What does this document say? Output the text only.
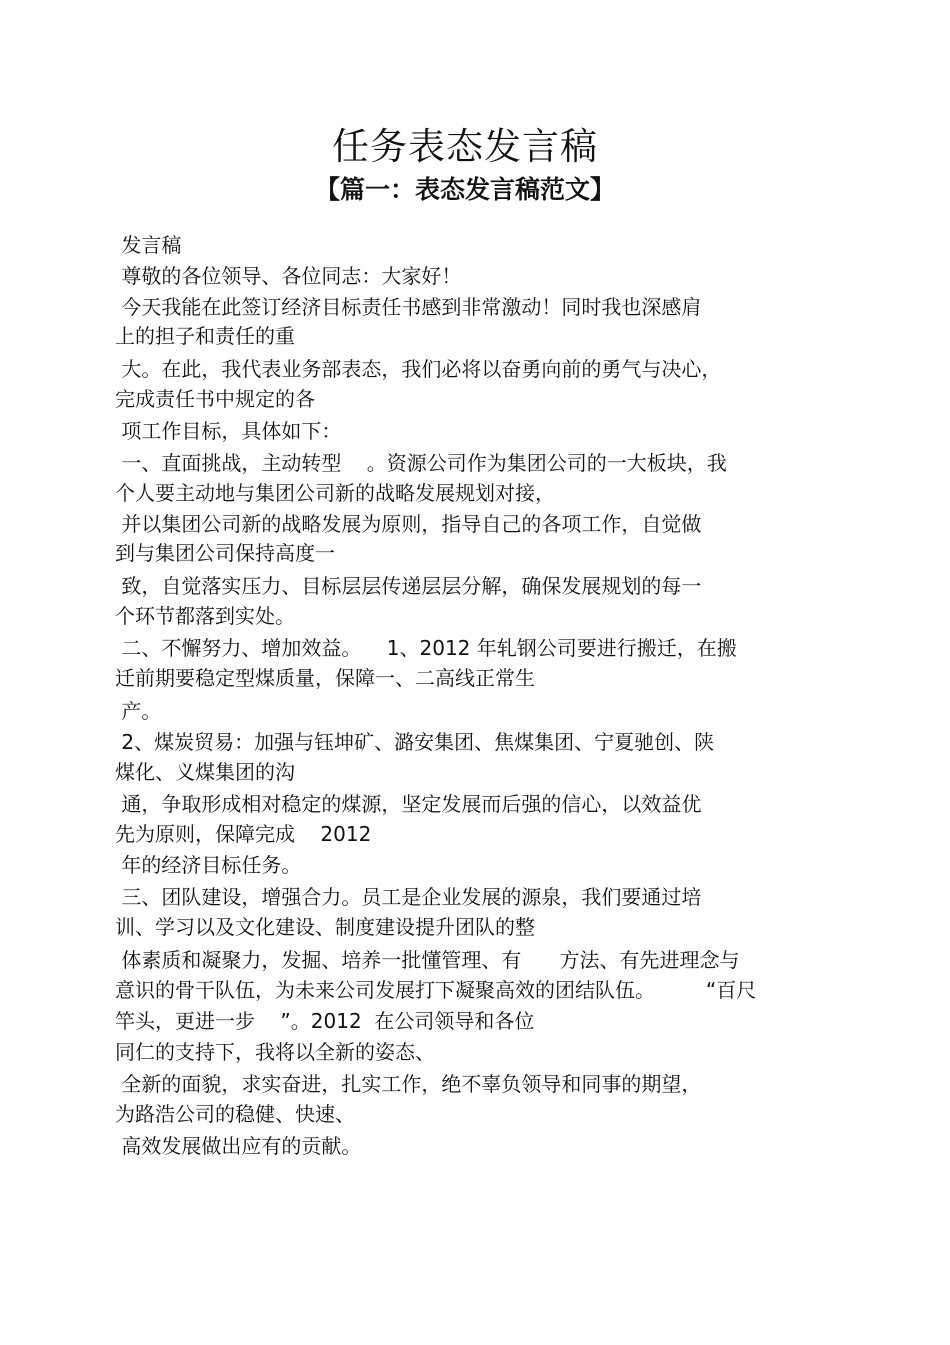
任务表态发言稿
【篇一：表态发言稿范文】
发言稿
尊敬的各位领导、各位同志：大家好！
今天我能在此签订经济目标责任书感到非常激动！同时我也深感肩
上的担子和责任的重
大。在此，我代表业务部表态，我们必将以奋勇向前的勇气与决心，
完成责任书中规定的各
项工作目标，具体如下：
一、直面挑战，主动转型    。资源公司作为集团公司的一大板块，我
个人要主动地与集团公司新的战略发展规划对接，
并以集团公司新的战略发展为原则，指导自己的各项工作，自觉做
到与集团公司保持高度一
致，自觉落实压力、目标层层传递层层分解，确保发展规划的每一
个环节都落到实处。
二、不懈努力、增加效益。    1、2012 年轧钢公司要进行搬迁，在搬
迁前期要稳定型煤质量，保障一、二高线正常生
产。
2、煤炭贸易：加强与钰坤矿、潞安集团、焦煤集团、宁夏驰创、陕
煤化、义煤集团的沟
通，争取形成相对稳定的煤源，坚定发展而后强的信心，以效益优
先为原则，保障完成    2012
年的经济目标任务。
三、团队建设，增强合力。员工是企业发展的源泉，我们要通过培
训、学习以及文化建设、制度建设提升团队的整
体素质和凝聚力，发掘、培养一批懂管理、有      方法、有先进理念与
意识的骨干队伍，为未来公司发展打下凝聚高效的团结队伍。        “百尺
竿头，更进一步    ”。2012  在公司领导和各位
同仁的支持下，我将以全新的姿态、
全新的面貌，求实奋进，扎实工作，绝不辜负领导和同事的期望，
为路浩公司的稳健、快速、
高效发展做出应有的贡献。
